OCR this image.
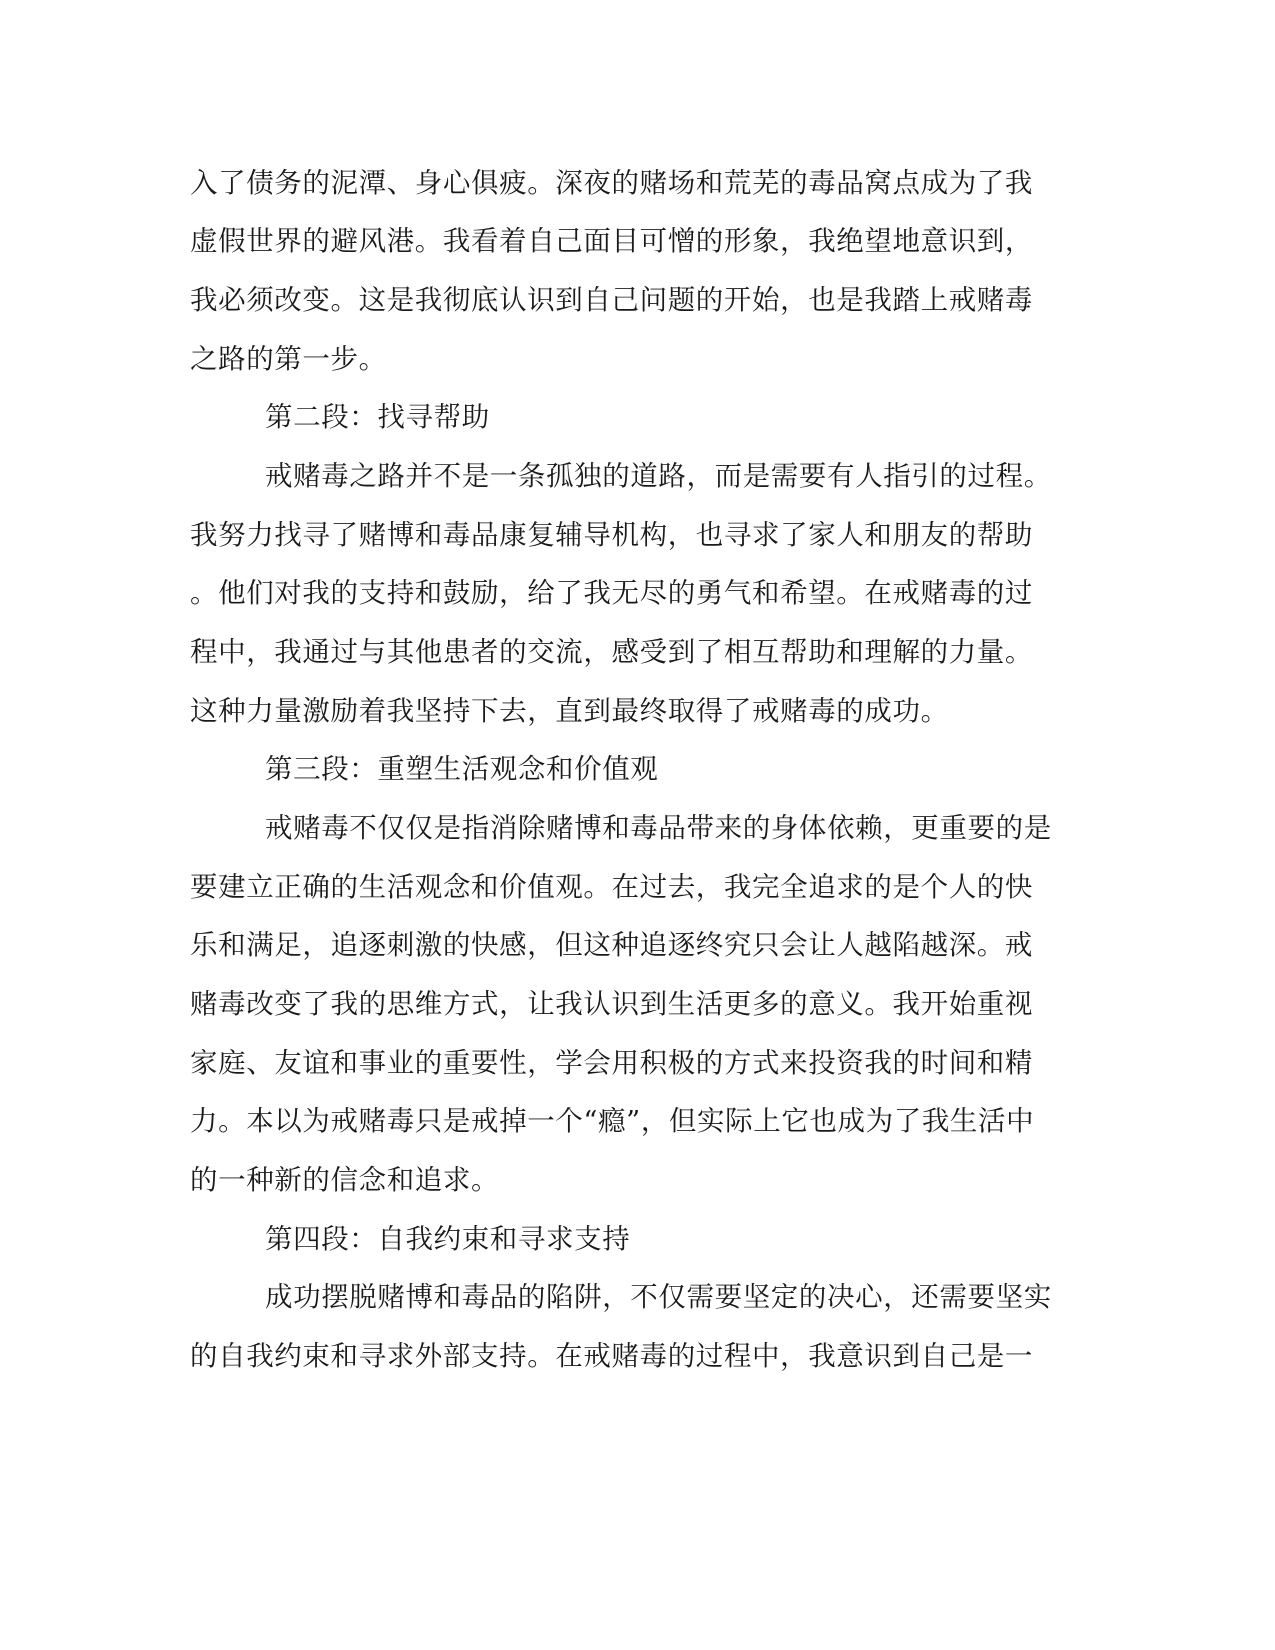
入了债务的泥潭、身心俱疲。深夜的赌场和荒芜的毒品窝点成为了我

虚假世界的避风港。我看着自己面目可憎的形象，我绝望地意识到，

我必须改变。这是我彻底认识到自己问题的开始，也是我踏上戒赌毒

之路的第一步。

第二段：找寻帮助

戒赌毒之路并不是一条孤独的道路，而是需要有人指引的过程。

我努力找寻了赌博和毒品康复辅导机构，也寻求了家人和朋友的帮助

。他们对我的支持和鼓励，给了我无尽的勇气和希望。在戒赌毒的过

程中，我通过与其他患者的交流，感受到了相互帮助和理解的力量。

这种力量激励着我坚持下去，直到最终取得了戒赌毒的成功。

第三段：重塑生活观念和价值观

戒赌毒不仅仅是指消除赌博和毒品带来的身体依赖，更重要的是

要建立正确的生活观念和价值观。在过去，我完全追求的是个人的快

乐和满足，追逐刺激的快感，但这种追逐终究只会让人越陷越深。戒

赌毒改变了我的思维方式，让我认识到生活更多的意义。我开始重视

家庭、友谊和事业的重要性，学会用积极的方式来投资我的时间和精

力。本以为戒赌毒只是戒掉一个“瘾”，但实际上它也成为了我生活中

的一种新的信念和追求。

第四段：自我约束和寻求支持

成功摆脱赌博和毒品的陷阱，不仅需要坚定的决心，还需要坚实

的自我约束和寻求外部支持。在戒赌毒的过程中，我意识到自己是一
